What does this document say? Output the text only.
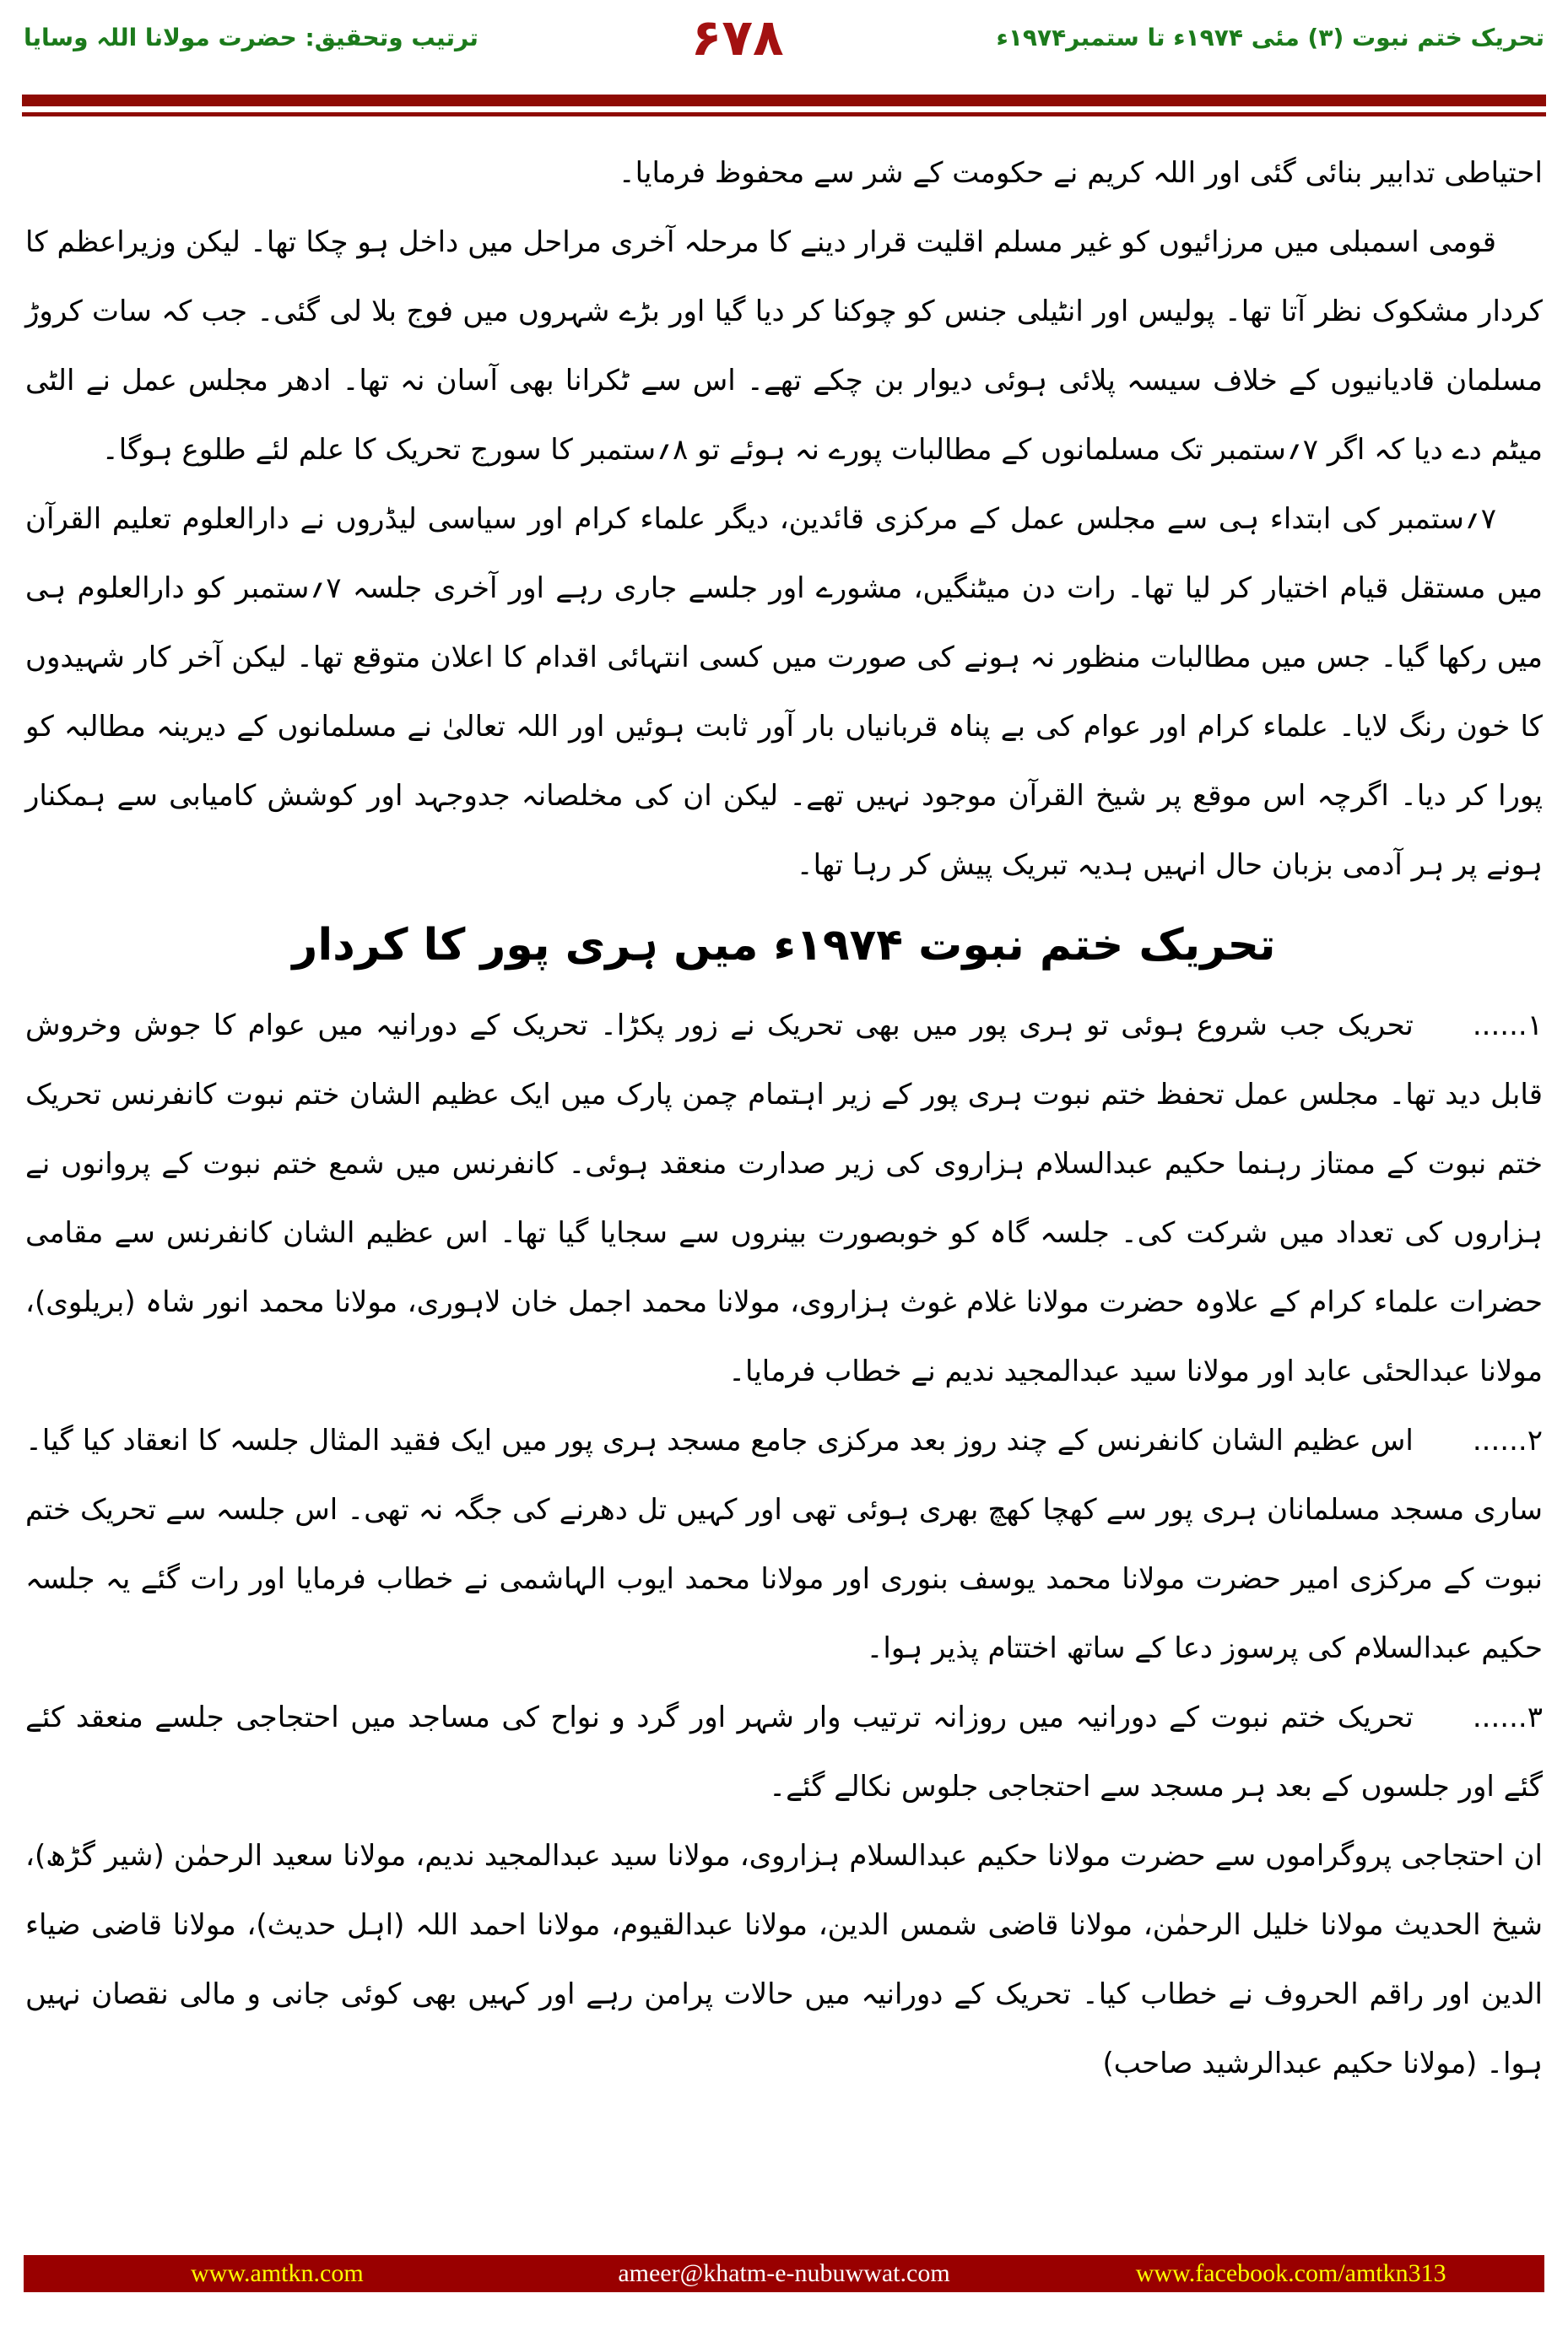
ترتیب وتحقیق: حضرت مولانا اللہ وسایا	۶۷۸	تحریک ختم نبوت (۳) مئی ۱۹۷۴ء تا ستمبر۱۹۷۴ء

احتیاطی تدابیر بنائی گئی اور اللہ کریم نے حکومت کے شر سے محفوظ فرمایا۔

قومی اسمبلی میں مرزائیوں کو غیر مسلم اقلیت قرار دینے کا مرحلہ آخری مراحل میں داخل ہو چکا تھا۔ لیکن وزیراعظم کا کردار مشکوک نظر آتا تھا۔ پولیس اور انٹیلی جنس کو چوکنا کر دیا گیا اور بڑے شہروں میں فوج بلا لی گئی۔ جب کہ سات کروڑ مسلمان قادیانیوں کے خلاف سیسہ پلائی ہوئی دیوار بن چکے تھے۔ اس سے ٹکرانا بھی آسان نہ تھا۔ ادھر مجلس عمل نے الٹی میٹم دے دیا کہ اگر ۷؍ستمبر تک مسلمانوں کے مطالبات پورے نہ ہوئے تو ۸؍ستمبر کا سورج تحریک کا علم لئے طلوع ہوگا۔

۷؍ستمبر کی ابتداء ہی سے مجلس عمل کے مرکزی قائدین، دیگر علماء کرام اور سیاسی لیڈروں نے دارالعلوم تعلیم القرآن میں مستقل قیام اختیار کر لیا تھا۔ رات دن میٹنگیں، مشورے اور جلسے جاری رہے اور آخری جلسہ ۷؍ستمبر کو دارالعلوم ہی میں رکھا گیا۔ جس میں مطالبات منظور نہ ہونے کی صورت میں کسی انتہائی اقدام کا اعلان متوقع تھا۔ لیکن آخر کار شہیدوں کا خون رنگ لایا۔ علماء کرام اور عوام کی بے پناہ قربانیاں بار آور ثابت ہوئیں اور اللہ تعالیٰ نے مسلمانوں کے دیرینہ مطالبہ کو پورا کر دیا۔ اگرچہ اس موقع پر شیخ القرآن موجود نہیں تھے۔ لیکن ان کی مخلصانہ جدوجہد اور کوشش کامیابی سے ہمکنار ہونے پر ہر آدمی بزبان حال انہیں ہدیہ تبریک پیش کر رہا تھا۔

تحریک ختم نبوت ۱۹۷۴ء میں ہری پور کا کردار

۱......تحریک جب شروع ہوئی تو ہری پور میں بھی تحریک نے زور پکڑا۔ تحریک کے دورانیہ میں عوام کا جوش وخروش قابل دید تھا۔ مجلس عمل تحفظ ختم نبوت ہری پور کے زیر اہتمام چمن پارک میں ایک عظیم الشان ختم نبوت کانفرنس تحریک ختم نبوت کے ممتاز رہنما حکیم عبدالسلام ہزاروی کی زیر صدارت منعقد ہوئی۔ کانفرنس میں شمع ختم نبوت کے پروانوں نے ہزاروں کی تعداد میں شرکت کی۔ جلسہ گاہ کو خوبصورت بینروں سے سجایا گیا تھا۔ اس عظیم الشان کانفرنس سے مقامی حضرات علماء کرام کے علاوہ حضرت مولانا غلام غوث ہزاروی، مولانا محمد اجمل خان لاہوری، مولانا محمد انور شاہ (بریلوی)، مولانا عبدالحئی عابد اور مولانا سید عبدالمجید ندیم نے خطاب فرمایا۔

۲......اس عظیم الشان کانفرنس کے چند روز بعد مرکزی جامع مسجد ہری پور میں ایک فقید المثال جلسہ کا انعقاد کیا گیا۔ ساری مسجد مسلمانان ہری پور سے کھچا کھچ بھری ہوئی تھی اور کہیں تل دھرنے کی جگہ نہ تھی۔ اس جلسہ سے تحریک ختم نبوت کے مرکزی امیر حضرت مولانا محمد یوسف بنوری اور مولانا محمد ایوب الہاشمی نے خطاب فرمایا اور رات گئے یہ جلسہ حکیم عبدالسلام کی پرسوز دعا کے ساتھ اختتام پذیر ہوا۔

۳......تحریک ختم نبوت کے دورانیہ میں روزانہ ترتیب وار شہر اور گرد و نواح کی مساجد میں احتجاجی جلسے منعقد کئے گئے اور جلسوں کے بعد ہر مسجد سے احتجاجی جلوس نکالے گئے۔

ان احتجاجی پروگراموں سے حضرت مولانا حکیم عبدالسلام ہزاروی، مولانا سید عبدالمجید ندیم، مولانا سعید الرحمٰن (شیر گڑھ)، شیخ الحدیث مولانا خلیل الرحمٰن، مولانا قاضی شمس الدین، مولانا عبدالقیوم، مولانا احمد اللہ (اہل حدیث)، مولانا قاضی ضیاء الدین اور راقم الحروف نے خطاب کیا۔ تحریک کے دورانیہ میں حالات پرامن رہے اور کہیں بھی کوئی جانی و مالی نقصان نہیں ہوا۔ (مولانا حکیم عبدالرشید صاحب)

www.amtkn.com	ameer@khatm-e-nubuwwat.com	www.facebook.com/amtkn313
